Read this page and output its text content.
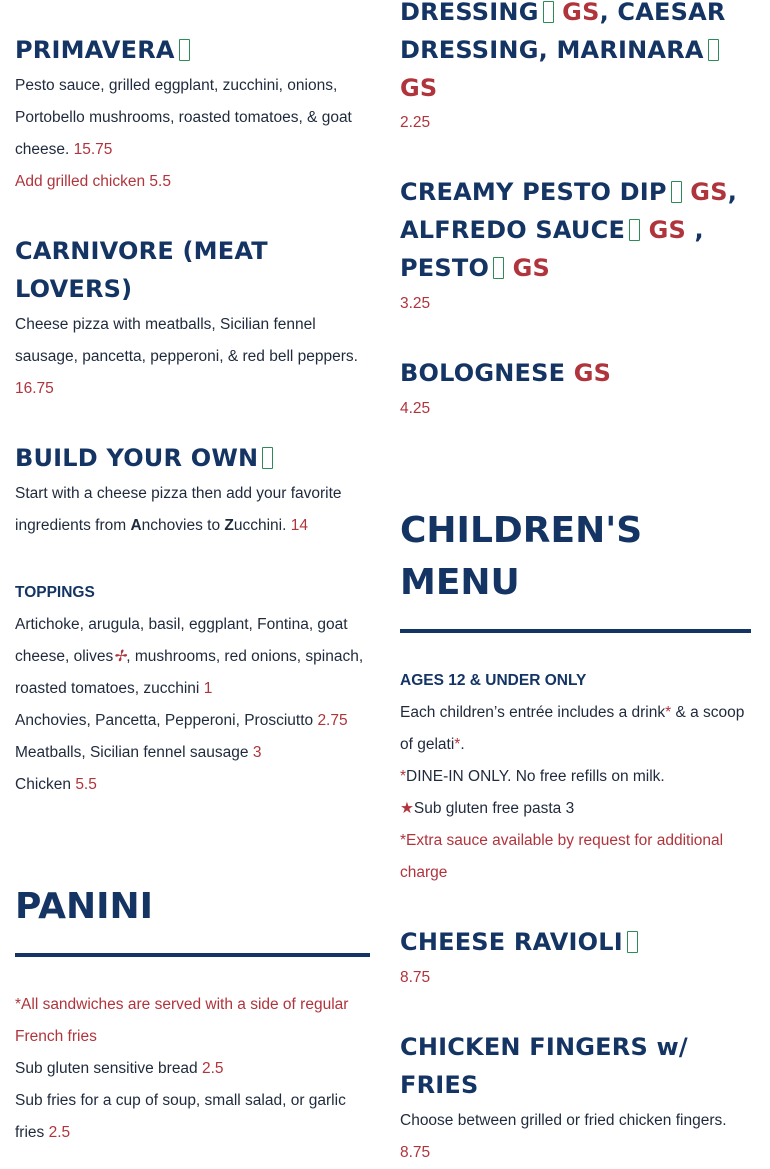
PRIMAVERA
Pesto sauce, grilled eggplant, zucchini, onions, Portobello mushrooms, roasted tomatoes, & goat cheese. 15.75
Add grilled chicken 5.5
CARNIVORE (MEAT
LOVERS)
Cheese pizza with meatballs, Sicilian fennel sausage, pancetta, pepperoni, & red bell peppers.
16.75
BUILD YOUR OWN
Start with a cheese pizza then add your favorite ingredients from Anchovies to Zucchini. 14
TOPPINGS
Artichoke, arugula, basil, eggplant, Fontina, goat cheese, olives✢, mushrooms, red onions, spinach, roasted tomatoes, zucchini 1
Anchovies, Pancetta, Pepperoni, Prosciutto 2.75
Meatballs, Sicilian fennel sausage 3
Chicken 5.5
PANINI
*All sandwiches are served with a side of regular French fries
Sub gluten sensitive bread 2.5
Sub fries for a cup of soup, small salad, or garlic fries 2.5
DRESSING GS, CAESAR
DRESSING, MARINARA
GS
2.25
CREAMY PESTO DIP GS,
ALFREDO SAUCE GS ,
PESTO GS
3.25
BOLOGNESE GS
4.25
CHILDREN'S
MENU
AGES 12 & UNDER ONLY
Each children’s entrée includes a drink* & a scoop of gelati*.
*DINE-IN ONLY. No free refills on milk.
★Sub gluten free pasta 3
*Extra sauce available by request for additional charge
CHEESE RAVIOLI
8.75
CHICKEN FINGERS w/
FRIES
Choose between grilled or fried chicken fingers.
8.75
